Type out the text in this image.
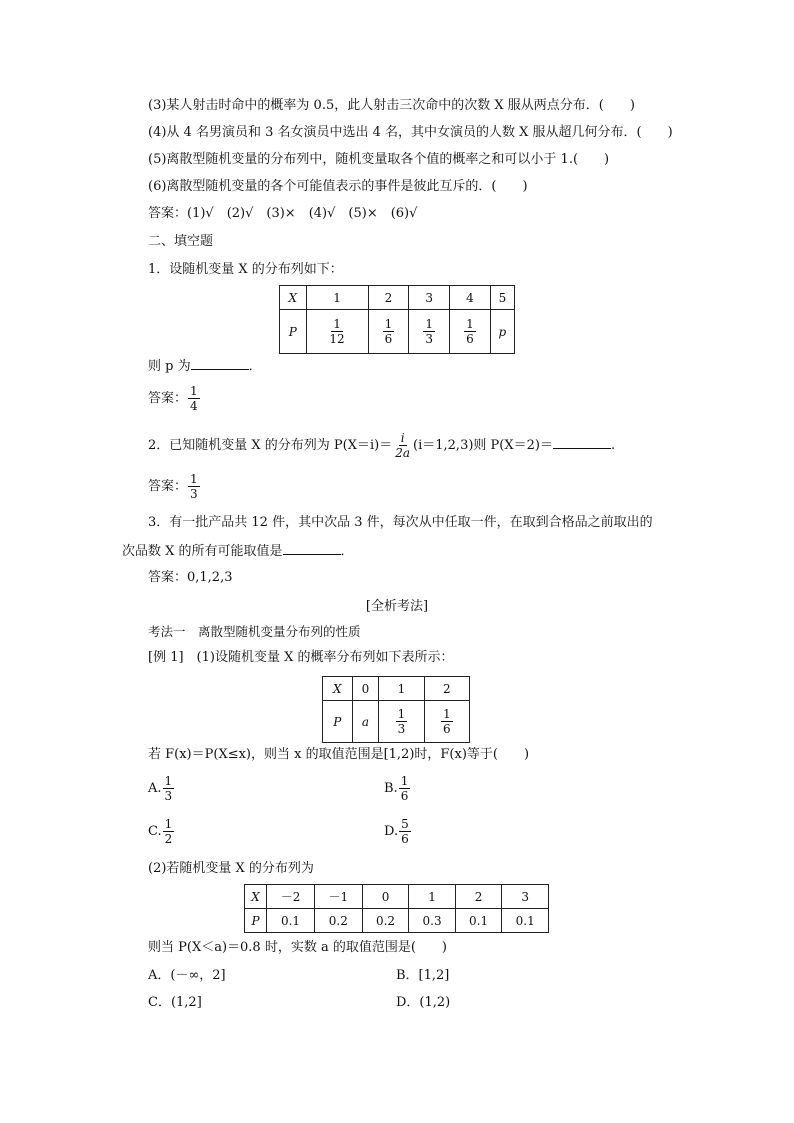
(3)某人射击时命中的概率为 0.5，此人射击三次命中的次数 X 服从两点分布．(　　)
(4)从 4 名男演员和 3 名女演员中选出 4 名，其中女演员的人数 X 服从超几何分布．(　　)
(5)离散型随机变量的分布列中，随机变量取各个值的概率之和可以小于 1.(　　)
(6)离散型随机变量的各个可能值表示的事件是彼此互斥的．(　　)
答案：(1)√　(2)√　(3)×　(4)√　(5)×　(6)√
二、填空题
1．设随机变量 X 的分布列如下：
X	1	2	3	4	5
P	$\frac{1}{12}$	$\frac{1}{6}$	$\frac{1}{3}$	$\frac{1}{6}$	p
则 p 为	．
答案： $\frac{1}{4}$
2．已知随机变量 X 的分布列为 $P(X=i)= \frac{i}{2a} (i=1,2,3)$则 P(X＝2)＝	.
答案： $\frac{1}{3}$
3．有一批产品共 12 件，其中次品 3 件，每次从中任取一件，在取到合格品之前取出的
次品数 X 的所有可能取值是	．
答案：0,1,2,3
[全析考法]
考法一　离散型随机变量分布列的性质
[例 1]　(1)设随机变量 X 的概率分布列如下表所示：
X	0	1	2
P	a	$\frac{1}{3}$	$\frac{1}{6}$
若 F(x)＝P(X≤x)，则当 x 的取值范围是[1,2)时，F(x)等于(　　)
A. $\frac{1}{3}$	B. $\frac{1}{6}$
C. $\frac{1}{2}$	D. $\frac{5}{6}$
(2)若随机变量 X 的分布列为
X	－2	－1	0	1	2	3
P	0.1	0.2	0.2	0.3	0.1	0.1
则当 P(X＜a)＝0.8 时，实数 a 的取值范围是(　　)
A．(－∞，2]	B．[1,2]
C．(1,2]	D．(1,2)
